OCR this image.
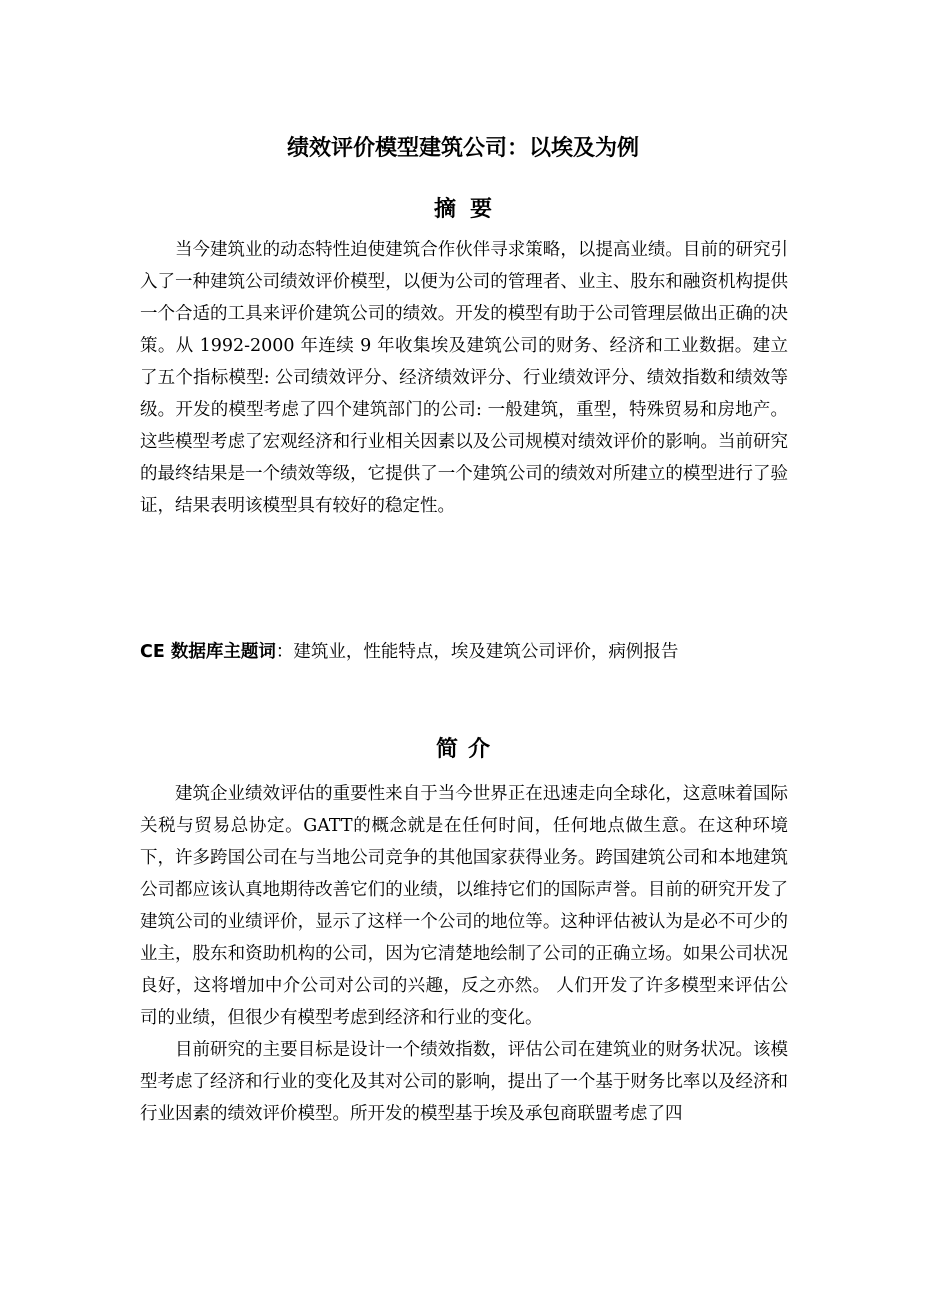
绩效评价模型建筑公司：以埃及为例
摘要

当今建筑业的动态特性迫使建筑合作伙伴寻求策略，以提高业绩。目前的研究引入了一种建筑公司绩效评价模型，以便为公司的管理者、业主、股东和融资机构提供一个合适的工具来评价建筑公司的绩效。开发的模型有助于公司管理层做出正确的决策。从 1992-2000 年连续 9 年收集埃及建筑公司的财务、经济和工业数据。建立了五个指标模型: 公司绩效评分、经济绩效评分、行业绩效评分、绩效指数和绩效等级。开发的模型考虑了四个建筑部门的公司: 一般建筑，重型，特殊贸易和房地产。这些模型考虑了宏观经济和行业相关因素以及公司规模对绩效评价的影响。当前研究的最终结果是一个绩效等级，它提供了一个建筑公司的绩效对所建立的模型进行了验证，结果表明该模型具有较好的稳定性。

CE 数据库主题词：建筑业，性能特点，埃及建筑公司评价，病例报告
简介

建筑企业绩效评估的重要性来自于当今世界正在迅速走向全球化，这意味着国际关税与贸易总协定。GATT的概念就是在任何时间，任何地点做生意。在这种环境下，许多跨国公司在与当地公司竞争的其他国家获得业务。跨国建筑公司和本地建筑公司都应该认真地期待改善它们的业绩，以维持它们的国际声誉。目前的研究开发了建筑公司的业绩评价，显示了这样一个公司的地位等。这种评估被认为是必不可少的业主，股东和资助机构的公司，因为它清楚地绘制了公司的正确立场。如果公司状况良好，这将增加中介公司对公司的兴趣，反之亦然。 人们开发了许多模型来评估公司的业绩，但很少有模型考虑到经济和行业的变化。

目前研究的主要目标是设计一个绩效指数，评估公司在建筑业的财务状况。该模型考虑了经济和行业的变化及其对公司的影响，提出了一个基于财务比率以及经济和行业因素的绩效评价模型。所开发的模型基于埃及承包商联盟考虑了四
